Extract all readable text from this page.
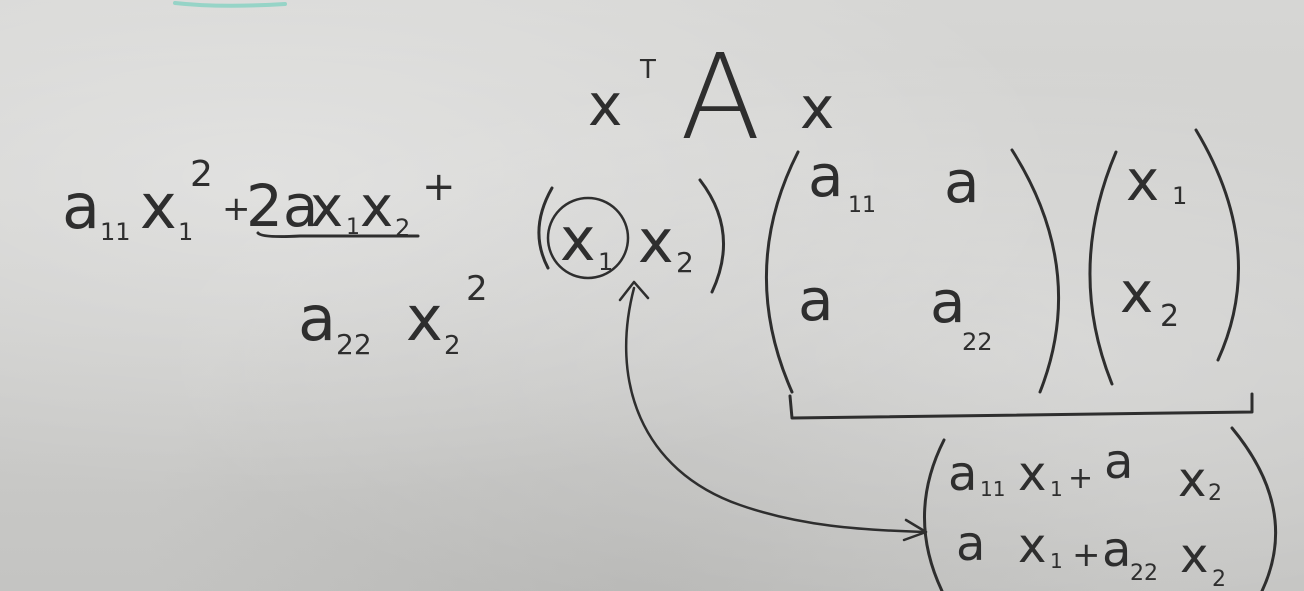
x
T A x
a 11 x 1
2
+
2a
x 1 x 2
+
a 22 x 2
2
x 1 x 2
a 11 a
a a
22
x 1
x 2
a 11 x 1 + a x 2
a x 1 + a
22 x 2
